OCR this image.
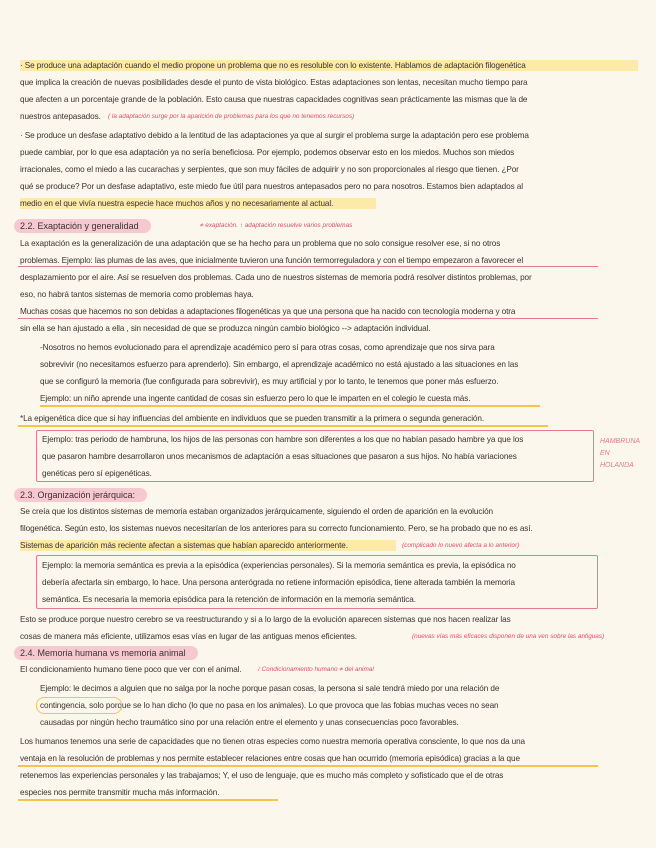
· Se produce una adaptación cuando el medio propone un problema que no es resoluble con lo existente. Hablamos de adaptación filogenética
que implica la creación de nuevas posibilidades desde el punto de vista biológico. Estas adaptaciones son lentas, necesitan mucho tiempo para
que afecten a un porcentaje grande de la población. Esto causa que nuestras capacidades cognitivas sean prácticamente las mismas que la de
nuestros antepasados.	( la adaptación surge por la aparición de problemas para los que no tenemos recursos)
· Se produce un desfase adaptativo debido a la lentitud de las adaptaciones ya que al surgir el problema surge la adaptación pero ese problema
puede cambiar, por lo que esa adaptación ya no sería beneficiosa. Por ejemplo, podemos observar esto en los miedos. Muchos son miedos
irracionales, como el miedo a las cucarachas y serpientes, que son muy fáciles de adquirir y no son proporcionales al riesgo que tienen. ¿Por
qué se produce? Por un desfase adaptativo, este miedo fue útil para nuestros antepasados pero no para nosotros. Estamos bien adaptados al
medio en el que vivía nuestra especie hace muchos años y no necesariamente al actual.
2.2. Exaptación y generalidad	≠ exaptación. ↑ adaptación resuelve varios problemas
La exaptación es la generalización de una adaptación que se ha hecho para un problema que no solo consigue resolver ese, si no otros
problemas. Ejemplo: las plumas de las aves, que inicialmente tuvieron una función termorreguladora y con el tiempo empezaron a favorecer el
desplazamiento por el aire. Así se resuelven dos problemas. Cada uno de nuestros sistemas de memoria podrá resolver distintos problemas, por
eso, no habrá tantos sistemas de memoria como problemas haya.
Muchas cosas que hacemos no son debidas a adaptaciones filogenéticas ya que una persona que ha nacido con tecnología moderna y otra
sin ella se han ajustado a ella , sin necesidad de que se produzca ningún cambio biológico --> adaptación individual.
-Nosotros no hemos evolucionado para el aprendizaje académico pero sí para otras cosas, como aprendizaje que nos sirva para
sobrevivir (no necesitamos esfuerzo para aprenderlo). Sin embargo, el aprendizaje académico no está ajustado a las situaciones en las
que se configuró la memoria (fue configurada para sobrevivir), es muy artificial y por lo tanto, le tenemos que poner más esfuerzo.
Ejemplo: un niño aprende una ingente cantidad de cosas sin esfuerzo pero lo que le imparten en el colegio le cuesta más.
*La epigenética dice que si hay influencias del ambiente en individuos que se pueden transmitir a la primera o segunda generación.
Ejemplo: tras periodo de hambruna, los hijos de las personas con hambre son diferentes a los que no habían pasado hambre ya que los
que pasaron hambre desarrollaron unos mecanismos de adaptación a esas situaciones que pasaron a sus hijos. No había variaciones
genéticas pero sí epigenéticas.
HAMBRUNA
EN
HOLANDA
2.3. Organización jerárquica:
Se creía que los distintos sistemas de memoria estaban organizados jerárquicamente, siguiendo el orden de aparición en la evolución
filogenética. Según esto, los sistemas nuevos necesitarían de los anteriores para su correcto funcionamiento. Pero, se ha probado que no es así.
Sistemas de aparición más reciente afectan a sistemas que habían aparecido anteriormente.	(complicado lo nuevo afecta a lo anterior)
Ejemplo: la memoria semántica es previa a la episódica (experiencias personales). Si la memoria semántica es previa, la episódica no
debería afectarla sin embargo, lo hace. Una persona anterógrada no retiene información episódica, tiene alterada también la memoria
semántica. Es necesaria la memoria episódica para la retención de información en la memoria semántica.
Esto se produce porque nuestro cerebro se va reestructurando y si a lo largo de la evolución aparecen sistemas que nos hacen realizar las
cosas de manera más eficiente, utilizamos esas vías en lugar de las antiguas menos eficientes.	(nuevas vías más eficaces disponen de una ven sobre las antiguas)
2.4. Memoria humana vs memoria animal
El condicionamiento humano tiene poco que ver con el animal.	/ Condicionamiento humano ≠ del animal
Ejemplo: le decimos a alguien que no salga por la noche porque pasan cosas, la persona si sale tendrá miedo por una relación de
contingencia, solo porque se lo han dicho (lo que no pasa en los animales). Lo que provoca que las fobias muchas veces no sean
causadas por ningún hecho traumático sino por una relación entre el elemento y unas consecuencias poco favorables.
Los humanos tenemos una serie de capacidades que no tienen otras especies como nuestra memoria operativa consciente, lo que nos da una
ventaja en la resolución de problemas y nos permite establecer relaciones entre cosas que han ocurrido (memoria episódica) gracias a la que
retenemos las experiencias personales y las trabajamos; Y, el uso de lenguaje, que es mucho más completo y sofisticado que el de otras
especies nos permite transmitir mucha más información.
